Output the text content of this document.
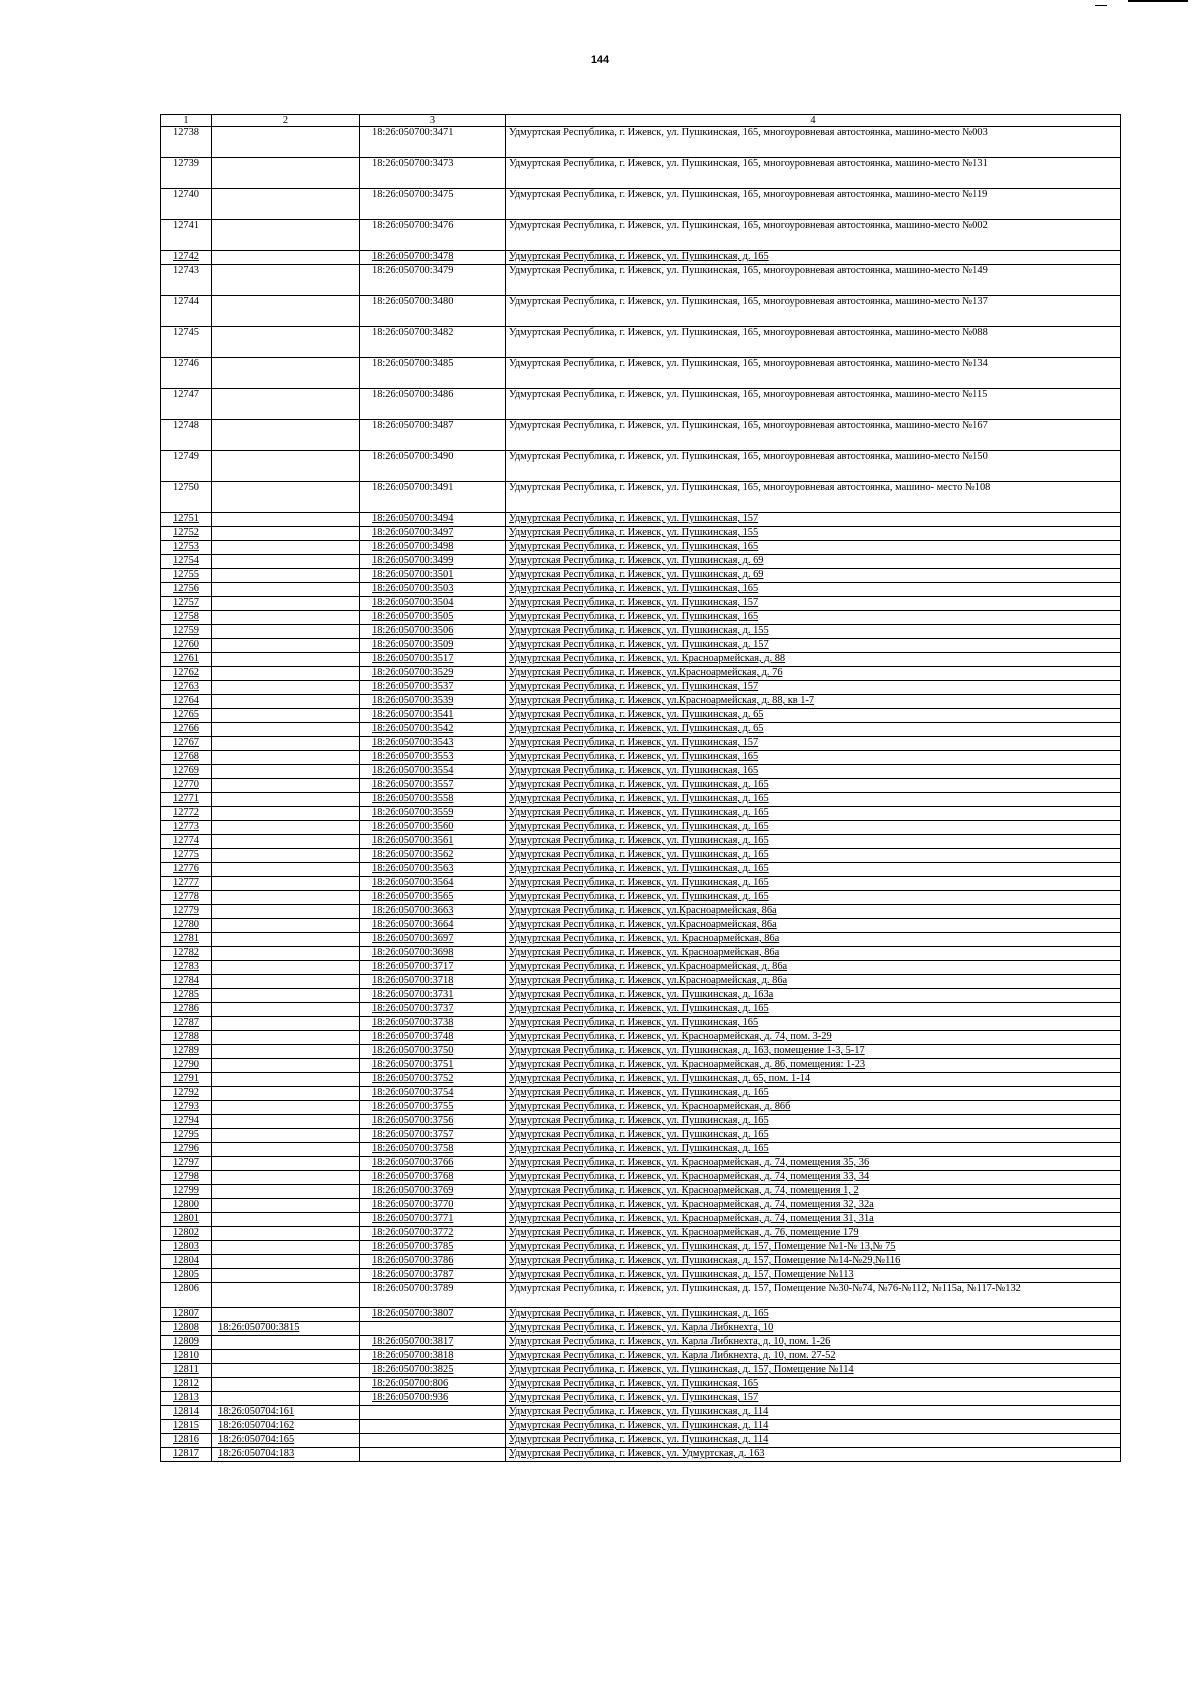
144
1	2	3	4
12738		18:26:050700:3471	Удмуртская Республика, г. Ижевск, ул. Пушкинская, 165, многоуровневая автостоянка, машино-место №003
12739		18:26:050700:3473	Удмуртская Республика, г. Ижевск, ул. Пушкинская, 165, многоуровневая автостоянка, машино-место №131
12740		18:26:050700:3475	Удмуртская Республика, г. Ижевск, ул. Пушкинская, 165, многоуровневая автостоянка, машино-место №119
12741		18:26:050700:3476	Удмуртская Республика, г. Ижевск, ул. Пушкинская, 165, многоуровневая автостоянка, машино-место №002
12742		18:26:050700:3478	Удмуртская Республика, г. Ижевск, ул. Пушкинская, д. 165
12743		18:26:050700:3479	Удмуртская Республика, г. Ижевск, ул. Пушкинская, 165, многоуровневая автостоянка, машино-место №149
12744		18:26:050700:3480	Удмуртская Республика, г. Ижевск, ул. Пушкинская, 165, многоуровневая автостоянка, машино-место №137
12745		18:26:050700:3482	Удмуртская Республика, г. Ижевск, ул. Пушкинская, 165, многоуровневая автостоянка, машино-место №088
12746		18:26:050700:3485	Удмуртская Республика, г. Ижевск, ул. Пушкинская, 165, многоуровневая автостоянка, машино-место №134
12747		18:26:050700:3486	Удмуртская Республика, г. Ижевск, ул. Пушкинская, 165, многоуровневая автостоянка, машино-место №115
12748		18:26:050700:3487	Удмуртская Республика, г. Ижевск, ул. Пушкинская, 165, многоуровневая автостоянка, машино-место №167
12749		18:26:050700:3490	Удмуртская Республика, г. Ижевск, ул. Пушкинская, 165, многоуровневая автостоянка, машино-место №150
12750		18:26:050700:3491	Удмуртская Республика, г. Ижевск, ул. Пушкинская, 165, многоуровневая автостоянка, машино- место №108
12751		18:26:050700:3494	Удмуртская Республика, г. Ижевск, ул. Пушкинская, 157
12752		18:26:050700:3497	Удмуртская Республика, г. Ижевск, ул. Пушкинская, 155
12753		18:26:050700:3498	Удмуртская Республика, г. Ижевск, ул. Пушкинская, 165
12754		18:26:050700:3499	Удмуртская Республика, г. Ижевск, ул. Пушкинская, д. 69
12755		18:26:050700:3501	Удмуртская Республика, г. Ижевск, ул. Пушкинская, д. 69
12756		18:26:050700:3503	Удмуртская Республика, г. Ижевск, ул. Пушкинская, 165
12757		18:26:050700:3504	Удмуртская Республика, г. Ижевск, ул. Пушкинская, 157
12758		18:26:050700:3505	Удмуртская Республика, г. Ижевск, ул. Пушкинская, 165
12759		18:26:050700:3506	Удмуртская Республика, г. Ижевск, ул. Пушкинская, д. 155
12760		18:26:050700:3509	Удмуртская Республика, г. Ижевск, ул. Пушкинская, д. 157
12761		18:26:050700:3517	Удмуртская Республика, г. Ижевск, ул. Красноармейская, д. 88
12762		18:26:050700:3529	Удмуртская Республика, г. Ижевск, ул.Красноармейская, д. 76
12763		18:26:050700:3537	Удмуртская Республика, г. Ижевск, ул. Пушкинская, 157
12764		18:26:050700:3539	Удмуртская Республика, г. Ижевск, ул.Красноармейская, д. 88, кв 1-7
12765		18:26:050700:3541	Удмуртская Республика, г. Ижевск, ул. Пушкинская, д. 65
12766		18:26:050700:3542	Удмуртская Республика, г. Ижевск, ул. Пушкинская, д. 65
12767		18:26:050700:3543	Удмуртская Республика, г. Ижевск, ул. Пушкинская, 157
12768		18:26:050700:3553	Удмуртская Республика, г. Ижевск, ул. Пушкинская, 165
12769		18:26:050700:3554	Удмуртская Республика, г. Ижевск, ул. Пушкинская, 165
12770		18:26:050700:3557	Удмуртская Республика, г. Ижевск, ул. Пушкинская, д. 165
12771		18:26:050700:3558	Удмуртская Республика, г. Ижевск, ул. Пушкинская, д. 165
12772		18:26:050700:3559	Удмуртская Республика, г. Ижевск, ул. Пушкинская, д. 165
12773		18:26:050700:3560	Удмуртская Республика, г. Ижевск, ул. Пушкинская, д. 165
12774		18:26:050700:3561	Удмуртская Республика, г. Ижевск, ул. Пушкинская, д. 165
12775		18:26:050700:3562	Удмуртская Республика, г. Ижевск, ул. Пушкинская, д. 165
12776		18:26:050700:3563	Удмуртская Республика, г. Ижевск, ул. Пушкинская, д. 165
12777		18:26:050700:3564	Удмуртская Республика, г. Ижевск, ул. Пушкинская, д. 165
12778		18:26:050700:3565	Удмуртская Республика, г. Ижевск, ул. Пушкинская, д. 165
12779		18:26:050700:3663	Удмуртская Республика, г. Ижевск, ул.Красноармейская, 86а
12780		18:26:050700:3664	Удмуртская Республика, г. Ижевск, ул.Красноармейская, 86а
12781		18:26:050700:3697	Удмуртская Республика, г. Ижевск, ул. Красноармейская, 86а
12782		18:26:050700:3698	Удмуртская Республика, г. Ижевск, ул. Красноармейская, 86а
12783		18:26:050700:3717	Удмуртская Республика, г. Ижевск, ул.Красноармейская, д. 86а
12784		18:26:050700:3718	Удмуртская Республика, г. Ижевск, ул.Красноармейская, д. 86а
12785		18:26:050700:3731	Удмуртская Республика, г. Ижевск, ул. Пушкинская, д. 163а
12786		18:26:050700:3737	Удмуртская Республика, г. Ижевск, ул. Пушкинская, д. 165
12787		18:26:050700:3738	Удмуртская Республика, г. Ижевск, ул. Пушкинская, 165
12788		18:26:050700:3748	Удмуртская Республика, г. Ижевск, ул. Красноармейская, д. 74, пом. 3-29
12789		18:26:050700:3750	Удмуртская Республика, г. Ижевск, ул. Пушкинская, д. 163, помещение 1-3, 5-17
12790		18:26:050700:3751	Удмуртская Республика, г. Ижевск, ул. Красноармейская, д. 86, помещения: 1-23
12791		18:26:050700:3752	Удмуртская Республика, г. Ижевск, ул. Пушкинская, д. 65, пом. 1-14
12792		18:26:050700:3754	Удмуртская Республика, г. Ижевск, ул. Пушкинская, д. 165
12793		18:26:050700:3755	Удмуртская Республика, г. Ижевск, ул. Красноармейская, д. 86б
12794		18:26:050700:3756	Удмуртская Республика, г. Ижевск, ул. Пушкинская, д. 165
12795		18:26:050700:3757	Удмуртская Республика, г. Ижевск, ул. Пушкинская, д. 165
12796		18:26:050700:3758	Удмуртская Республика, г. Ижевск, ул. Пушкинская, д. 165
12797		18:26:050700:3766	Удмуртская Республика, г. Ижевск, ул. Красноармейская, д. 74, помещения 35, 36
12798		18:26:050700:3768	Удмуртская Республика, г. Ижевск, ул. Красноармейская, д. 74, помещения 33, 34
12799		18:26:050700:3769	Удмуртская Республика, г. Ижевск, ул. Красноармейская, д. 74, помещения 1, 2
12800		18:26:050700:3770	Удмуртская Республика, г. Ижевск, ул. Красноармейская, д. 74, помещения 32, 32а
12801		18:26:050700:3771	Удмуртская Республика, г. Ижевск, ул. Красноармейская, д. 74, помещения 31, 31а
12802		18:26:050700:3772	Удмуртская Республика, г. Ижевск, ул. Красноармейская, д. 76, помещение 179
12803		18:26:050700:3785	Удмуртская Республика, г. Ижевск, ул. Пушкинская, д. 157, Помещение №1-№ 13,№ 75
12804		18:26:050700:3786	Удмуртская Республика, г. Ижевск, ул. Пушкинская, д. 157, Помещение №14-№29,№116
12805		18:26:050700:3787	Удмуртская Республика, г. Ижевск, ул. Пушкинская, д. 157, Помещение №113
12806		18:26:050700:3789	Удмуртская Республика, г. Ижевск, ул. Пушкинская, д. 157, Помещение №30-№74, №76-№112, №115а, №117-№132
12807		18:26:050700:3807	Удмуртская Республика, г. Ижевск, ул. Пушкинская, д. 165
12808	18:26:050700:3815		Удмуртская Республика, г. Ижевск, ул. Карла Либкнехта, 10
12809		18:26:050700:3817	Удмуртская Республика, г. Ижевск, ул. Карла Либкнехта, д. 10, пом. 1-26
12810		18:26:050700:3818	Удмуртская Республика, г. Ижевск, ул. Карла Либкнехта, д. 10, пом. 27-52
12811		18:26:050700:3825	Удмуртская Республика, г. Ижевск, ул. Пушкинская, д. 157, Помещение №114
12812		18:26:050700:806	Удмуртская Республика, г. Ижевск, ул. Пушкинская, 165
12813		18:26:050700:936	Удмуртская Республика, г. Ижевск, ул. Пушкинская, 157
12814	18:26:050704:161		Удмуртская Республика, г. Ижевск, ул. Пушкинская, д. 114
12815	18:26:050704:162		Удмуртская Республика, г. Ижевск, ул. Пушкинская, д. 114
12816	18:26:050704:165		Удмуртская Республика, г. Ижевск, ул. Пушкинская, д. 114
12817	18:26:050704:183		Удмуртская Республика, г. Ижевск, ул. Удмуртская, д. 163
